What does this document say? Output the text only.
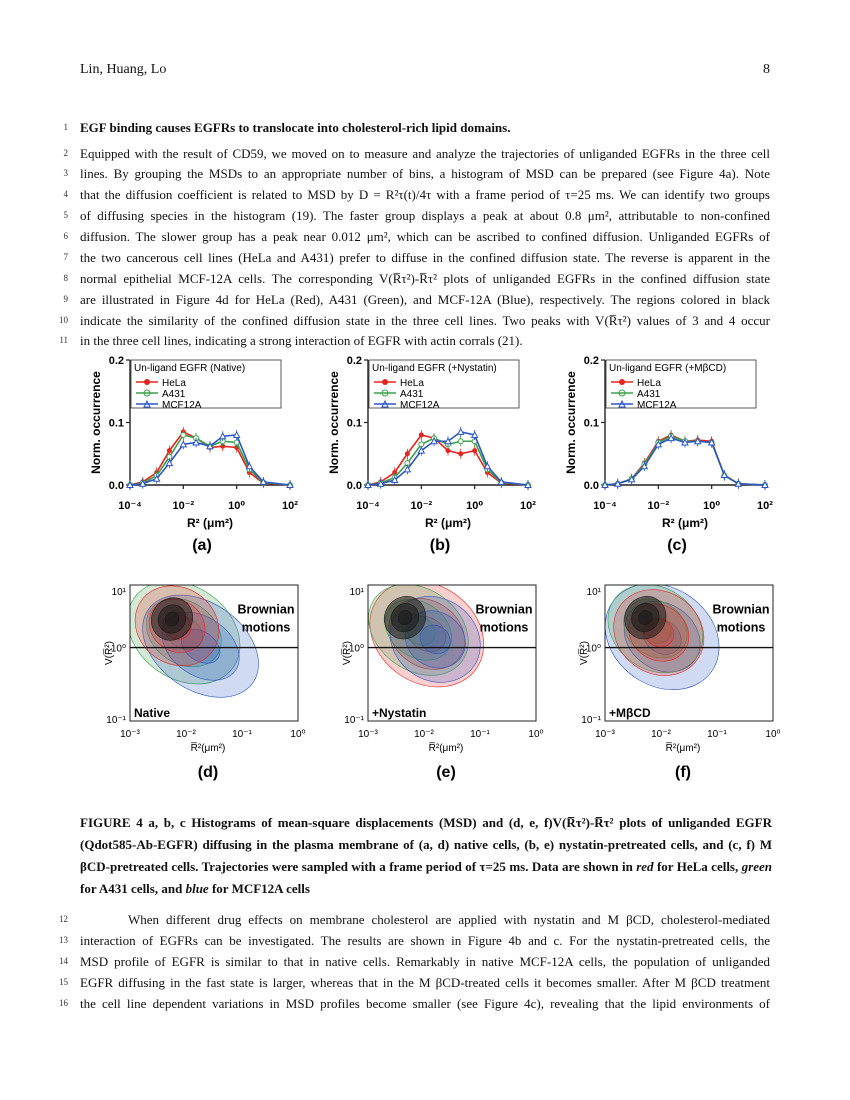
Lin, Huang, Lo	8
1 EGF binding causes EGFRs to translocate into cholesterol-rich lipid domains.
2 Equipped with the result of CD59, we moved on to measure and analyze the trajectories of unliganded EGFRs in the three cell
3 lines. By grouping the MSDs to an appropriate number of bins, a histogram of MSD can be prepared (see Figure 4a). Note
4 that the diffusion coefficient is related to MSD by D = R²τ(t)/4τ with a frame period of τ=25 ms. We can identify two groups
5 of diffusing species in the histogram (19). The faster group displays a peak at about 0.8 μm², attributable to non-confined
6 diffusion. The slower group has a peak near 0.012 μm², which can be ascribed to confined diffusion. Unliganded EGFRs of
7 the two cancerous cell lines (HeLa and A431) prefer to diffuse in the confined diffusion state. The reverse is apparent in the
8 normal epithelial MCF-12A cells. The corresponding V(R̅τ²)-R̅τ² plots of unliganded EGFRs in the confined diffusion state
9 are illustrated in Figure 4d for HeLa (Red), A431 (Green), and MCF-12A (Blue), respectively. The regions colored in black
10 indicate the similarity of the confined diffusion state in the three cell lines. Two peaks with V(R̅τ²) values of 3 and 4 occur
11 in the three cell lines, indicating a strong interaction of EGFR with actin corrals (21).
0.2
0.1
0.0
10⁻⁴	10⁻²	10⁰	10²
R² (μm²)
Norm. occurrence
Un-ligand EGFR (Native)
HeLa
A431
MCF12A
(a)
0.2
0.1
0.0
10⁻⁴	10⁻²	10⁰	10²
R² (μm²)
Norm. occurrence
Un-ligand EGFR (+Nystatin)
HeLa
A431
MCF12A
(b)
0.2
0.1
0.0
10⁻⁴	10⁻²	10⁰	10²
R² (μm²)
Norm. occurrence
Un-ligand EGFR (+MβCD)
HeLa
A431
MCF12A
(c)
Brownian
motions
Native
10¹
10⁰
10⁻¹
10⁻³	10⁻²	10⁻¹	10⁰
R̅²(μm²)
V(R̅²)
(d)
Brownian
motions
+Nystatin
10¹
10⁰
10⁻¹
10⁻³	10⁻²	10⁻¹	10⁰
R̅²(μm²)
V(R̅²)
(e)
Brownian
motions
+MβCD
10¹
10⁰
10⁻¹
10⁻³	10⁻²	10⁻¹	10⁰
R̅²(μm²)
V(R̅²)
(f)
FIGURE 4 a, b, c Histograms of mean-square displacements (MSD) and (d, e, f)V(R̅τ²)-R̅τ² plots of unliganded EGFR (Qdot585-Ab-EGFR) diffusing in the plasma membrane of (a, d) native cells, (b, e) nystatin-pretreated cells, and (c, f) M βCD-pretreated cells. Trajectories were sampled with a frame period of τ=25 ms. Data are shown in red for HeLa cells, green for A431 cells, and blue for MCF12A cells
12	When different drug effects on membrane cholesterol are applied with nystatin and M βCD, cholesterol-mediated
13 interaction of EGFRs can be investigated. The results are shown in Figure 4b and c. For the nystatin-pretreated cells, the
14 MSD profile of EGFR is similar to that in native cells. Remarkably in native MCF-12A cells, the population of unliganded
15 EGFR diffusing in the fast state is larger, whereas that in the M βCD-treated cells it becomes smaller. After M βCD treatment
16 the cell line dependent variations in MSD profiles become smaller (see Figure 4c), revealing that the lipid environments of
